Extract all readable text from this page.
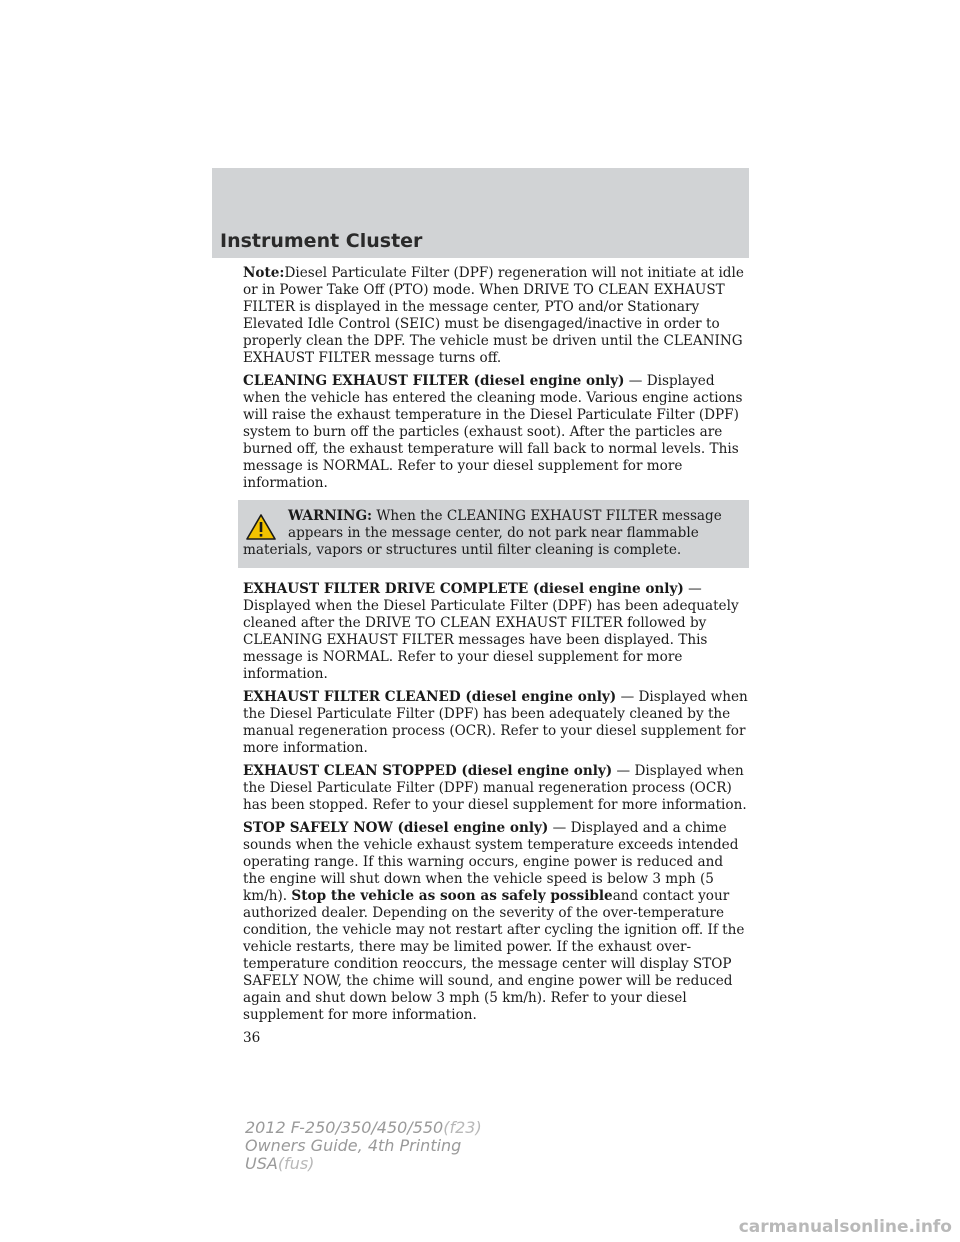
Instrument Cluster

Note:Diesel Particulate Filter (DPF) regeneration will not initiate at idle or in Power Take Off (PTO) mode. When DRIVE TO CLEAN EXHAUST FILTER is displayed in the message center, PTO and/or Stationary Elevated Idle Control (SEIC) must be disengaged/inactive in order to properly clean the DPF. The vehicle must be driven until the CLEANING EXHAUST FILTER message turns off.

CLEANING EXHAUST FILTER (diesel engine only) — Displayed when the vehicle has entered the cleaning mode. Various engine actions will raise the exhaust temperature in the Diesel Particulate Filter (DPF) system to burn off the particles (exhaust soot). After the particles are burned off, the exhaust temperature will fall back to normal levels. This message is NORMAL. Refer to your diesel supplement for more information.

WARNING: When the CLEANING EXHAUST FILTER message
appears in the message center, do not park near flammable
materials, vapors or structures until filter cleaning is complete.

EXHAUST FILTER DRIVE COMPLETE (diesel engine only) — Displayed when the Diesel Particulate Filter (DPF) has been adequately cleaned after the DRIVE TO CLEAN EXHAUST FILTER followed by CLEANING EXHAUST FILTER messages have been displayed. This message is NORMAL. Refer to your diesel supplement for more information.

EXHAUST FILTER CLEANED (diesel engine only) — Displayed when the Diesel Particulate Filter (DPF) has been adequately cleaned by the manual regeneration process (OCR). Refer to your diesel supplement for more information.

EXHAUST CLEAN STOPPED (diesel engine only) — Displayed when the Diesel Particulate Filter (DPF) manual regeneration process (OCR) has been stopped. Refer to your diesel supplement for more information.

STOP SAFELY NOW (diesel engine only) — Displayed and a chime sounds when the vehicle exhaust system temperature exceeds intended operating range. If this warning occurs, engine power is reduced and the engine will shut down when the vehicle speed is below 3 mph (5 km/h). Stop the vehicle as soon as safely possibleand contact your authorized dealer. Depending on the severity of the over-temperature condition, the vehicle may not restart after cycling the ignition off. If the vehicle restarts, there may be limited power. If the exhaust over-temperature condition reoccurs, the message center will display STOP SAFELY NOW, the chime will sound, and engine power will be reduced again and shut down below 3 mph (5 km/h). Refer to your diesel supplement for more information.

36
2012 F-250/350/450/550(f23)
Owners Guide, 4th Printing
USA(fus)
carmanualsonline.info
